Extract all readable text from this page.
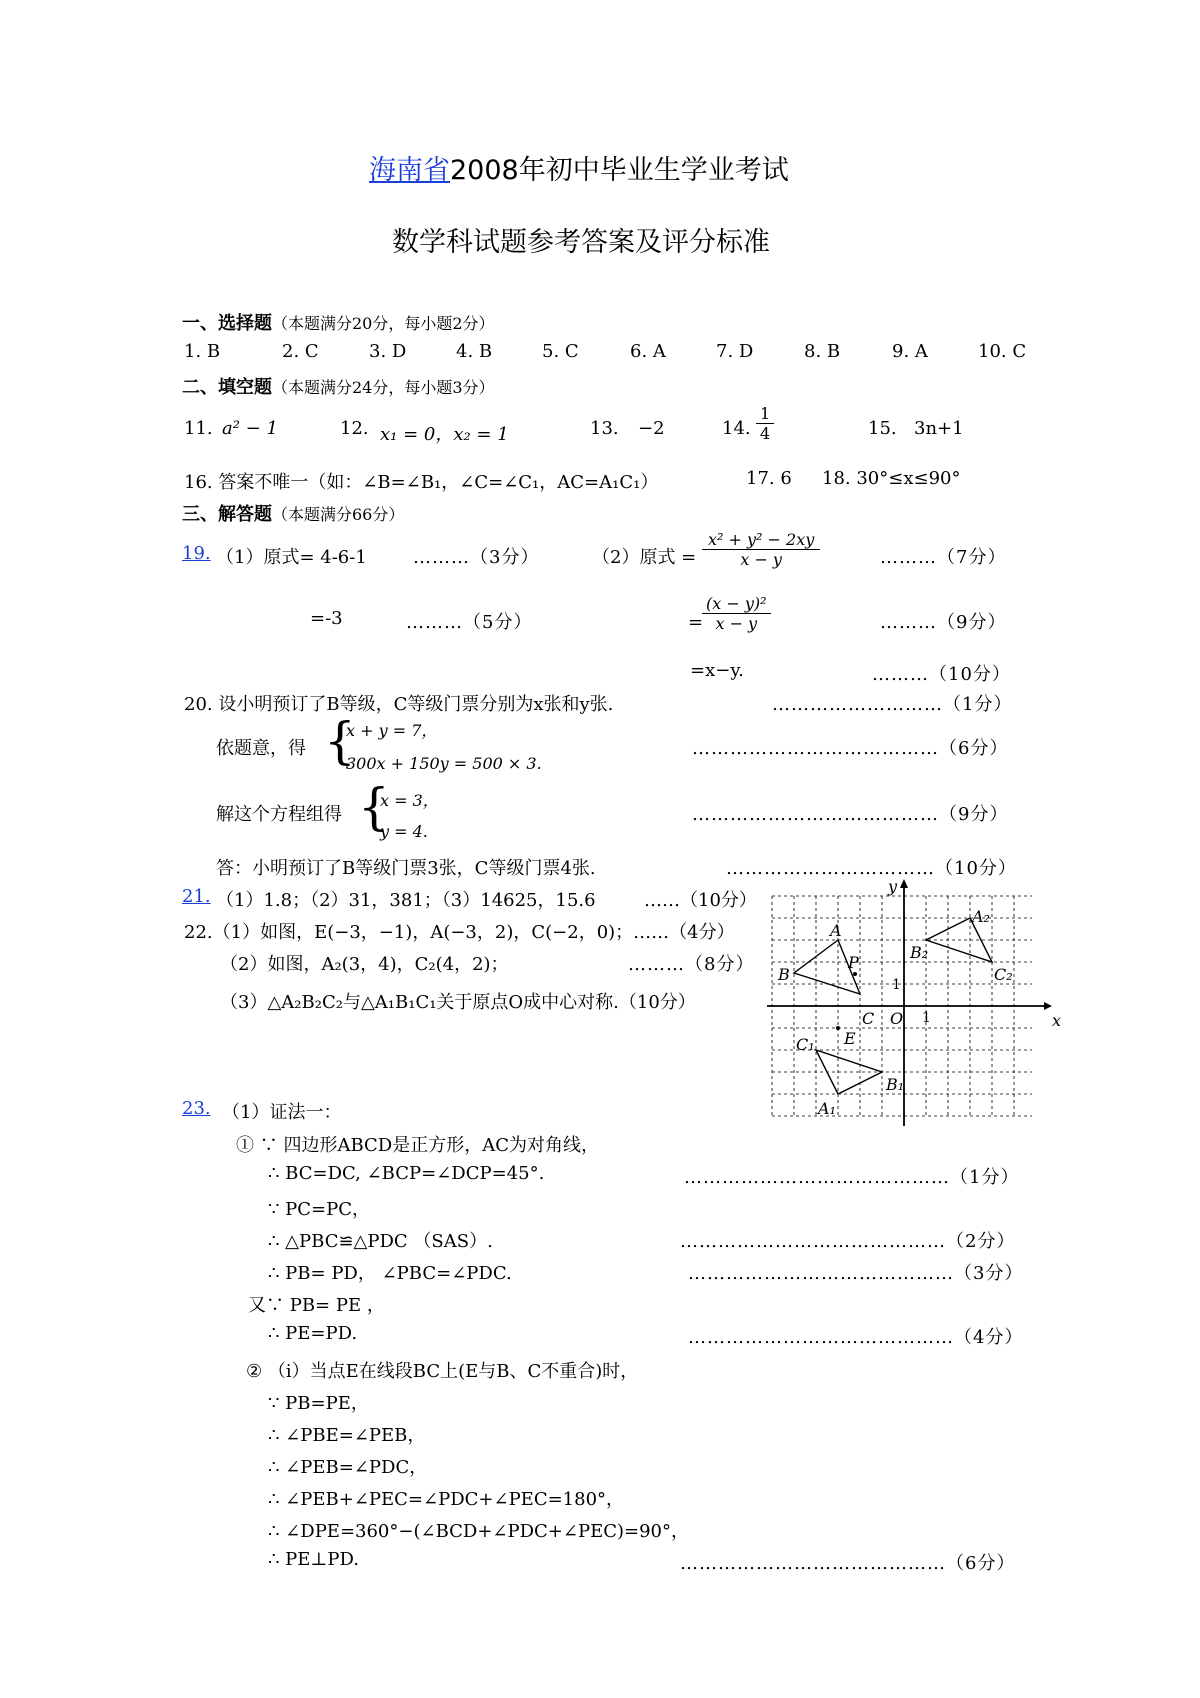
海南省2008年初中毕业生学业考试
数学科试题参考答案及评分标准
一、选择题（本题满分20分，每小题2分）
1. B	2. C	3. D	4. B	5. C	6. A	7. D	8. B	9. A	10. C
二、填空题（本题满分24分，每小题3分）
11. a² − 1	12. x₁ = 0，x₂ = 1	13. −2	14. $\frac{1}{4}$	15. 3n+1
16. 答案不唯一（如：∠B=∠B₁，∠C=∠C₁，AC=A₁C₁）	17. 6 18. 30°≤x≤90°
三、解答题（本题满分66分）
19. （1）原式= 4-6-1	………（3分）	（2）原式 = $\frac{\text{x² + y² − 2xy}}{x - y}$	………（7分）
=-3	………（5分）	=
$\frac{\text{(x − y)²}}{x - y}$	………（9分）
=x−y.	………（10分）
20. 设小明预订了B等级，C等级门票分别为x张和y张.	………………………（1分）
依题意，得 {
x + y = 7，
300x + 150y = 500 × 3.
…………………………………（6分）
解这个方程组得 {
x = 3，
y = 4.
…………………………………（9分）
答：小明预订了B等级门票3张，C等级门票4张.	……………………………（10分）
21. （1）1.8；（2）31，381；（3）14625，15.6	……（10分）
22.（1）如图，E(−3，−1)，A(−3，2)，C(−2，0)；……（4分）
（2）如图，A₂(3，4)，C₂(4，2)；	………（8分）
（3）△A₂B₂C₂与△A₁B₁C₁关于原点O成中心对称.（10分）
x
y
O
A
B
C
P
E
A₁
B₁
C₁
A₂
B₂
C₂
1
1
23. （1）证法一：
① ∵ 四边形ABCD是正方形，AC为对角线，
∴ BC=DC, ∠BCP=∠DCP=45°.	……………………………………（1分）
∵ PC=PC，
∴ △PBC≌△PDC （SAS）.	……………………………………（2分）
∴ PB= PD， ∠PBC=∠PDC.	……………………………………（3分）
又∵ PB= PE ，
∴ PE=PD.	……………………………………（4分）
② （i）当点E在线段BC上(E与B、C不重合)时，
∵ PB=PE，
∴ ∠PBE=∠PEB，
∴ ∠PEB=∠PDC，
∴ ∠PEB+∠PEC=∠PDC+∠PEC=180°，
∴ ∠DPE=360°−(∠BCD+∠PDC+∠PEC)=90°，
∴ PE⊥PD.	……………………………………（6分）
